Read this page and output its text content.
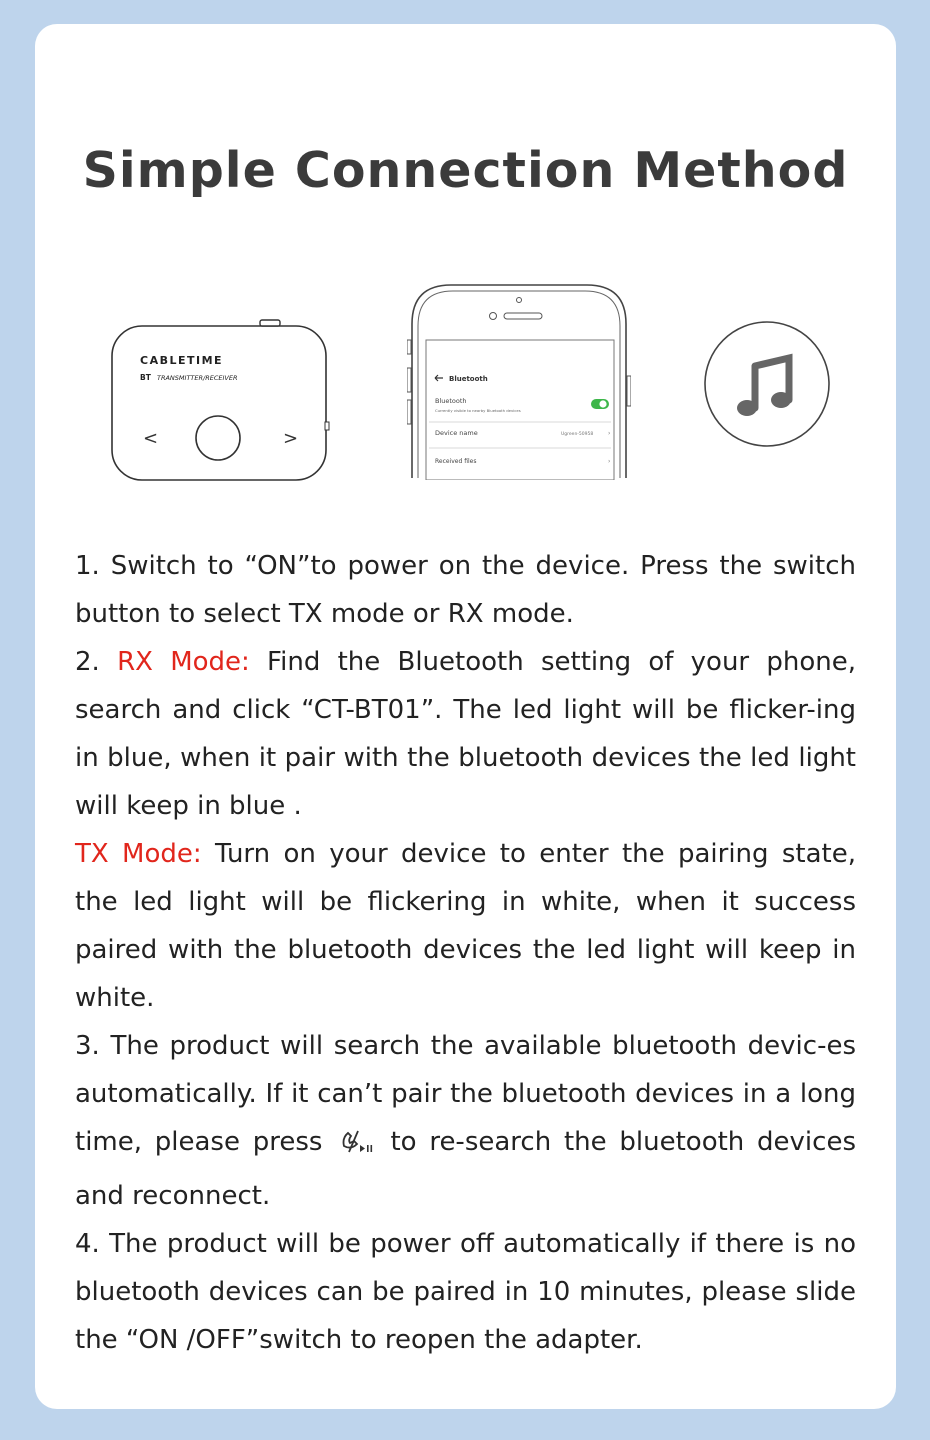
Simple Connection Method
CABLETIME
BT TRANSMITTER/RECEIVER
<	>
Bluetooth
Bluetooth
Currently visible to nearby Bluetooth devices
Device name	Ugreen-50958 ›
Received files	›

1. Switch to “ON”to power on the device. Press the switch button to select TX mode or RX mode.

2. RX Mode: Find the Bluetooth setting of your phone, search and click “CT-BT01”. The led light will be flicker-ing in blue, when it pair with the bluetooth devices the led light will keep in blue .

TX Mode: Turn on your device to enter the pairing state, the led light will be flickering in white, when it success paired with the bluetooth devices the led light will keep in white.

3. The product will search the available bluetooth devic-es automatically. If it can’t pair the bluetooth devices in a long time, please press	to re-search the bluetooth devices and reconnect.

4. The product will be power off automatically if there is no bluetooth devices can be paired in 10 minutes, please slide the “ON /OFF”switch to reopen the adapter.
